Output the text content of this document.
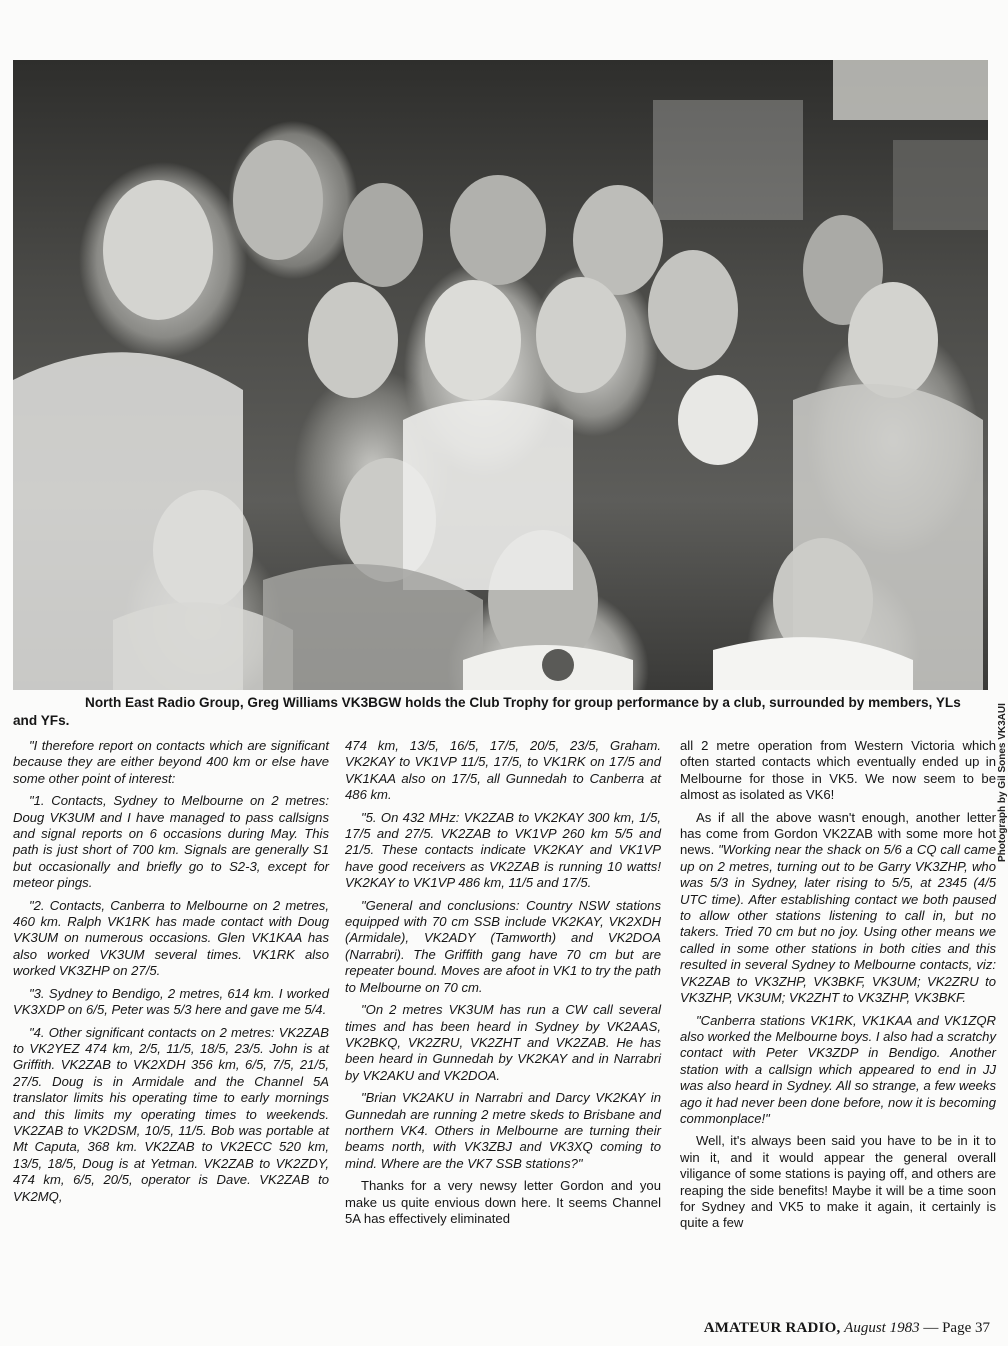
Photograph by Gil Sones VK3AUI

North East Radio Group, Greg Williams VK3BGW holds the Club Trophy for group performance by a club, surrounded by members, YLs and YFs.

"I therefore report on contacts which are significant because they are either beyond 400 km or else have some other point of interest:

"1. Contacts, Sydney to Melbourne on 2 metres: Doug VK3UM and I have managed to pass callsigns and signal reports on 6 occasions during May. This path is just short of 700 km. Signals are generally S1 but occasionally and briefly go to S2-3, except for meteor pings.

"2. Contacts, Canberra to Melbourne on 2 metres, 460 km. Ralph VK1RK has made contact with Doug VK3UM on numerous occasions. Glen VK1KAA has also worked VK3UM several times. VK1RK also worked VK3ZHP on 27/5.

"3. Sydney to Bendigo, 2 metres, 614 km. I worked VK3XDP on 6/5, Peter was 5/3 here and gave me 5/4.

"4. Other significant contacts on 2 metres: VK2ZAB to VK2YEZ 474 km, 2/5, 11/5, 18/5, 23/5. John is at Griffith. VK2ZAB to VK2XDH 356 km, 6/5, 7/5, 21/5, 27/5. Doug is in Armidale and the Channel 5A translator limits his operating time to early mornings and this limits my operating times to weekends. VK2ZAB to VK2DSM, 10/5, 11/5. Bob was portable at Mt Caputa, 368 km. VK2ZAB to VK2ECC 520 km, 13/5, 18/5, Doug is at Yetman. VK2ZAB to VK2ZDY, 474 km, 6/5, 20/5, operator is Dave. VK2ZAB to VK2MQ,

474 km, 13/5, 16/5, 17/5, 20/5, 23/5, Graham. VK2KAY to VK1VP 11/5, 17/5, to VK1RK on 17/5 and VK1KAA also on 17/5, all Gunnedah to Canberra at 486 km.

"5. On 432 MHz: VK2ZAB to VK2KAY 300 km, 1/5, 17/5 and 27/5. VK2ZAB to VK1VP 260 km 5/5 and 21/5. These contacts indicate VK2KAY and VK1VP have good receivers as VK2ZAB is running 10 watts! VK2KAY to VK1VP 486 km, 11/5 and 17/5.

"General and conclusions: Country NSW stations equipped with 70 cm SSB include VK2KAY, VK2XDH (Armidale), VK2ADY (Tamworth) and VK2DOA (Narrabri). The Griffith gang have 70 cm but are repeater bound. Moves are afoot in VK1 to try the path to Melbourne on 70 cm.

"On 2 metres VK3UM has run a CW call several times and has been heard in Sydney by VK2AAS, VK2BKQ, VK2ZRU, VK2ZHT and VK2ZAB. He has been heard in Gunnedah by VK2KAY and in Narrabri by VK2AKU and VK2DOA.

"Brian VK2AKU in Narrabri and Darcy VK2KAY in Gunnedah are running 2 metre skeds to Brisbane and northern VK4. Others in Melbourne are turning their beams north, with VK3ZBJ and VK3XQ coming to mind. Where are the VK7 SSB stations?"

Thanks for a very newsy letter Gordon and you make us quite envious down here. It seems Channel 5A has effectively eliminated

all 2 metre operation from Western Victoria which often started contacts which eventually ended up in Melbourne for those in VK5. We now seem to be almost as isolated as VK6!

As if all the above wasn't enough, another letter has come from Gordon VK2ZAB with some more hot news. "Working near the shack on 5/6 a CQ call came up on 2 metres, turning out to be Garry VK3ZHP, who was 5/3 in Sydney, later rising to 5/5, at 2345 (4/5 UTC time). After establishing contact we both paused to allow other stations listening to call in, but no takers. Tried 70 cm but no joy. Using other means we called in some other stations in both cities and this resulted in several Sydney to Melbourne contacts, viz: VK2ZAB to VK3ZHP, VK3BKF, VK3UM; VK2ZRU to VK3ZHP, VK3UM; VK2ZHT to VK3ZHP, VK3BKF.

"Canberra stations VK1RK, VK1KAA and VK1ZQR also worked the Melbourne boys. I also had a scratchy contact with Peter VK3ZDP in Bendigo. Another station with a callsign which appeared to end in JJ was also heard in Sydney. All so strange, a few weeks ago it had never been done before, now it is becoming commonplace!"

Well, it's always been said you have to be in it to win it, and it would appear the general overall viligance of some stations is paying off, and others are reaping the side benefits! Maybe it will be a time soon for Sydney and VK5 to make it again, it certainly is quite a few

AMATEUR RADIO, August 1983 — Page 37
